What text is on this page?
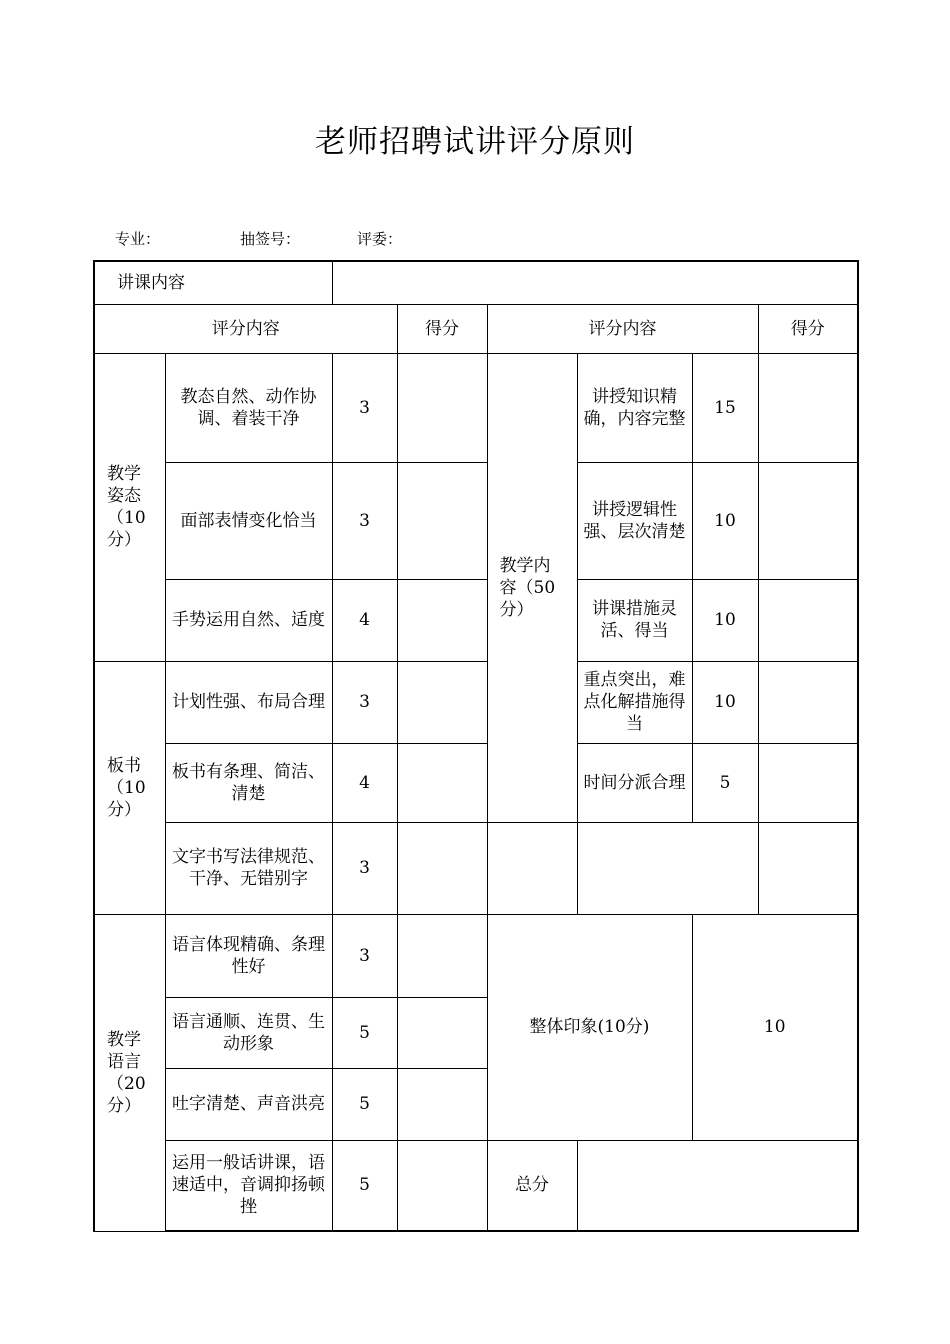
老师招聘试讲评分原则
专业：	抽签号：	评委：
讲课内容							
评分内容			得分	评分内容			得分
教学姿态（10分）	教态自然、动作协调、着装干净	3		教学内容（50分）	讲授知识精确，内容完整	15	
	面部表情变化恰当	3			讲授逻辑性强、层次清楚	10	
	手势运用自然、适度	4			讲课措施灵活、得当	10	
板书（10分）	计划性强、布局合理	3			重点突出，难点化解措施得当	10	
	板书有条理、简洁、清楚	4			时间分派合理	5	
	文字书写法律规范、干净、无错别字	3					
教学语言（20分）	语言体现精确、条理性好	3		整体印象(10分)		10	
	语言通顺、连贯、生动形象	5					
	吐字清楚、声音洪亮	5					
	运用一般话讲课，语速适中，音调抑扬顿挫	5		总分			
